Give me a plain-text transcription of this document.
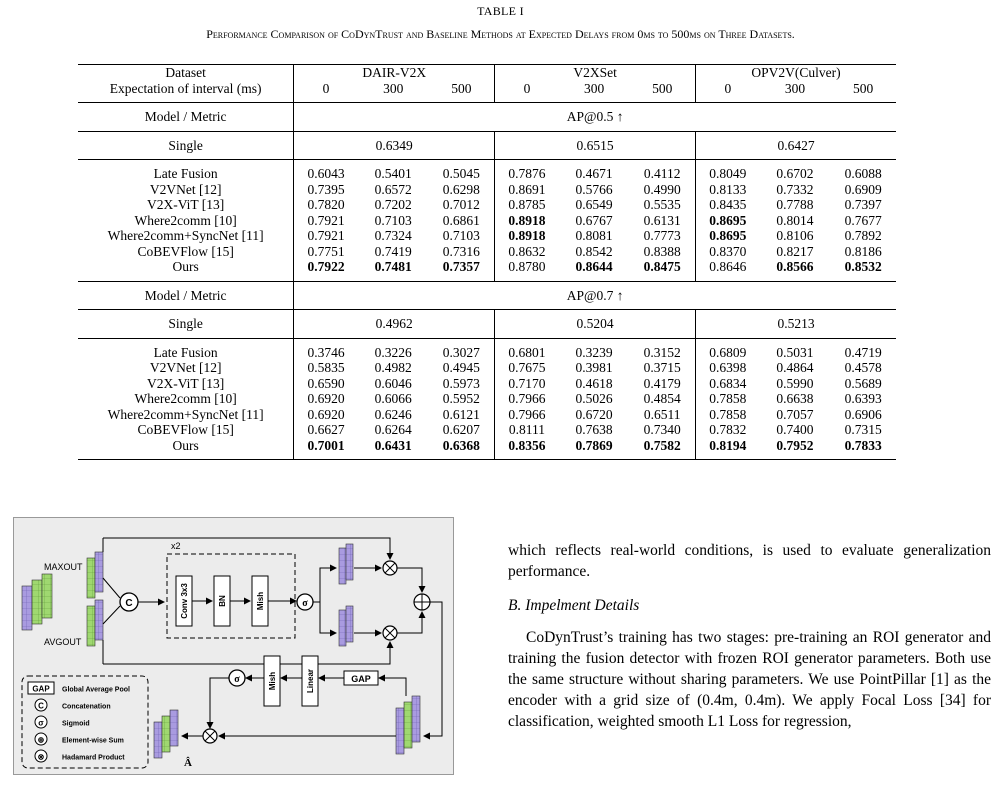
TABLE I
Performance Comparison of CoDynTrust and Baseline Methods at Expected Delays from 0ms to 500ms on Three Datasets.
Dataset	DAIR-V2X			V2XSet			OPV2V(Culver)		
Expectation of interval (ms)	0	300	500	0	300	500	0	300	500
Model / Metric	AP@0.5 ↑								
Single	0.6349			0.6515			0.6427		
Late Fusion	0.6043	0.5401	0.5045	0.7876	0.4671	0.4112	0.8049	0.6702	0.6088
V2VNet [12]	0.7395	0.6572	0.6298	0.8691	0.5766	0.4990	0.8133	0.7332	0.6909
V2X-ViT [13]	0.7820	0.7202	0.7012	0.8785	0.6549	0.5535	0.8435	0.7788	0.7397
Where2comm [10]	0.7921	0.7103	0.6861	0.8918	0.6767	0.6131	0.8695	0.8014	0.7677
Where2comm+SyncNet [11]	0.7921	0.7324	0.7103	0.8918	0.8081	0.7773	0.8695	0.8106	0.7892
CoBEVFlow [15]	0.7751	0.7419	0.7316	0.8632	0.8542	0.8388	0.8370	0.8217	0.8186
Ours	0.7922	0.7481	0.7357	0.8780	0.8644	0.8475	0.8646	0.8566	0.8532
Model / Metric	AP@0.7 ↑								
Single	0.4962			0.5204			0.5213		
Late Fusion	0.3746	0.3226	0.3027	0.6801	0.3239	0.3152	0.6809	0.5031	0.4719
V2VNet [12]	0.5835	0.4982	0.4945	0.7675	0.3981	0.3715	0.6398	0.4864	0.4578
V2X-ViT [13]	0.6590	0.6046	0.5973	0.7170	0.4618	0.4179	0.6834	0.5990	0.5689
Where2comm [10]	0.6920	0.6066	0.5952	0.7966	0.5026	0.4854	0.7858	0.6638	0.6393
Where2comm+SyncNet [11]	0.6920	0.6246	0.6121	0.7966	0.6720	0.6511	0.7858	0.7057	0.6906
CoBEVFlow [15]	0.6627	0.6264	0.6207	0.8111	0.7638	0.7340	0.7832	0.7400	0.7315
Ours	0.7001	0.6431	0.6368	0.8356	0.7869	0.7582	0.8194	0.7952	0.7833
MAXOUT
AVGOUT
C
x2
Conv 3x3	BN	Mish	σ
GAP
Linear
Mish
σ
Â
GAP Global Average Pool
C	Concatenation
σ	Sigmoid
⊕	Element-wise Sum
⊗	Hadamard Product

which reflects real-world conditions, is used to evaluate generalization performance.

B. Impelment Details

CoDynTrust’s training has two stages: pre-training an ROI generator and training the fusion detector with frozen ROI generator parameters. Both use the same structure without sharing parameters. We use PointPillar [1] as the encoder with a grid size of (0.4m, 0.4m). We apply Focal Loss [34] for classification, weighted smooth L1 Loss for regression,
